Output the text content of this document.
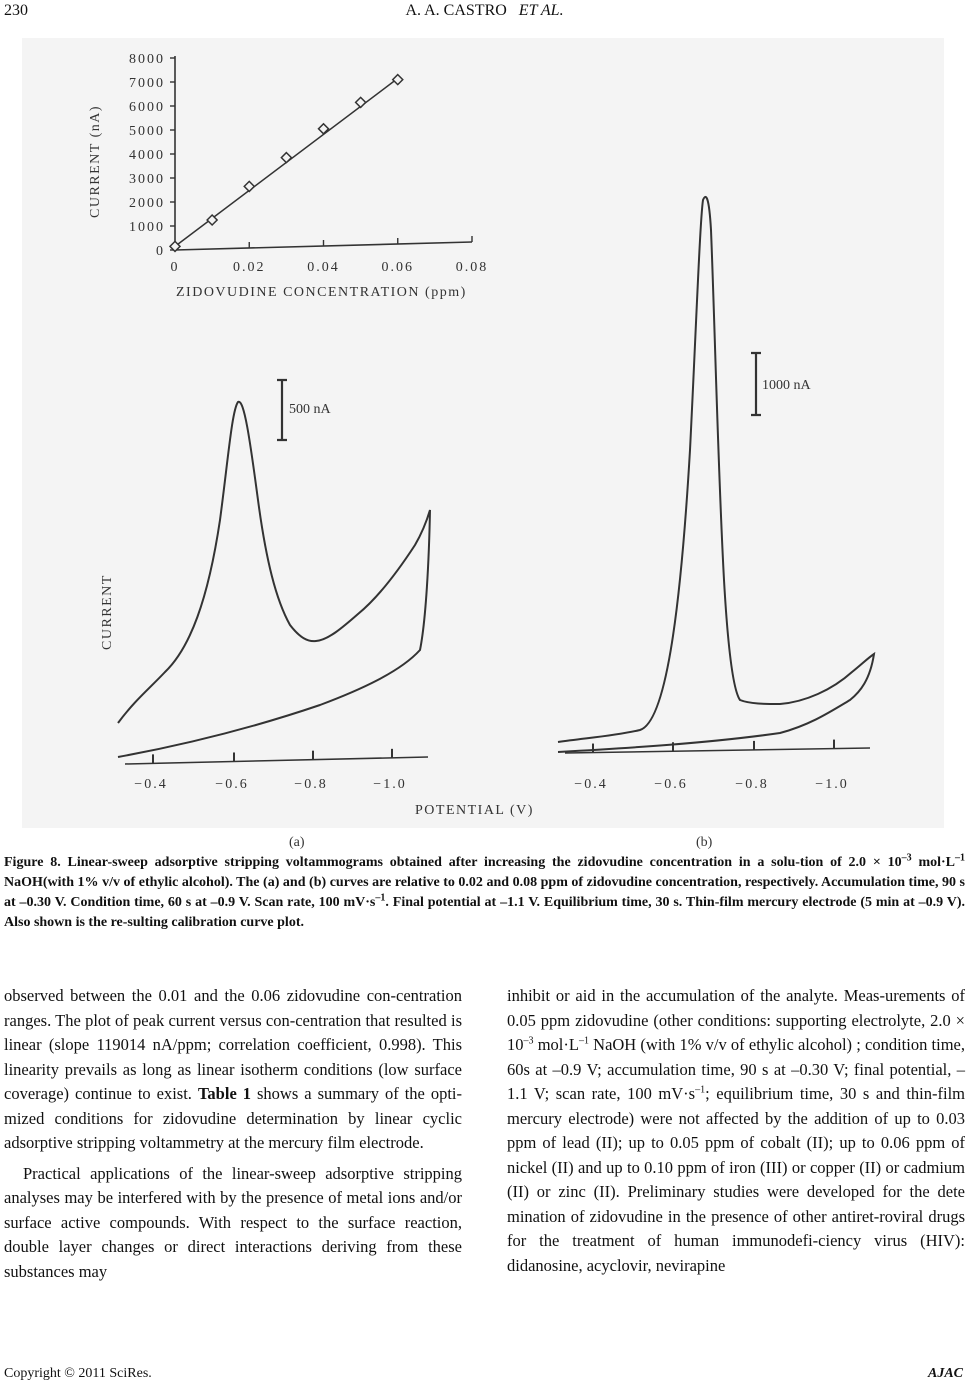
230	A. A. CASTRO ET AL.
0
1000
2000
3000
4000
5000
6000
7000
8000
0	0.02	0.04	0.06	0.08
CURRENT (nA)
ZIDOVUDINE CONCENTRATION (ppm)
500 nA
−0.4	−0.6	−0.8	−1.0
CURRENT
1000 nA
−0.4	−0.6	−0.8	−1.0
POTENTIAL (V)
(a)	(b)
Figure 8. Linear-sweep adsorptive stripping voltammograms obtained after increasing the zidovudine concentration in a solu-tion of $2.0 \times 10^{-3}$ $mol\cdot L^{-1}$ NaOH(with 1% v/v of ethylic alcohol). The (a) and (b) curves are relative to 0.02 and 0.08 ppm of zidovudine concentration, respectively. Accumulation time, 90 s at –0.30 V. Condition time, 60 s at –0.9 V. Scan rate, 100 $mV\cdot s^{-1}$. Final potential at –1.1 V. Equilibrium time, 30 s. Thin-film mercury electrode (5 min at –0.9 V). Also shown is the re-sulting calibration curve plot.

observed between the 0.01 and the 0.06 zidovudine con-centration ranges. The plot of peak current versus con-centration that resulted is linear (slope 119014 nA/ppm; correlation coefficient, 0.998). This linearity prevails as long as linear isotherm conditions (low surface coverage) continue to exist. Table 1 shows a summary of the opti-mized conditions for zidovudine determination by linear cyclic adsorptive stripping voltammetry at the mercury film electrode.

Practical applications of the linear-sweep adsorptive stripping analyses may be interfered with by the presence of metal ions and/or surface active compounds. With respect to the surface reaction, double layer changes or direct interactions deriving from these substances may

inhibit or aid in the accumulation of the analyte. Meas-urements of 0.05 ppm zidovudine (other conditions: supporting electrolyte, $2.0 \times 10^{-3}$ $mol\cdot L^{-1}$ NaOH (with 1% v/v of ethylic alcohol) ; condition time, 60s at –0.9 V; accumulation time, 90 s at –0.30 V; final potential, –1.1 V; scan rate, 100 $mV\cdot s^{-1}$; equilibrium time, 30 s and thin-film mercury electrode) were not affected by the addition of up to 0.03 ppm of lead (II); up to 0.05 ppm of cobalt (II); up to 0.06 ppm of nickel (II) and up to 0.10 ppm of iron (III) or copper (II) or cadmium (II) or zinc (II). Preliminary studies were developed for the dete mination of zidovudine in the presence of other antiret-roviral drugs for the treatment of human immunodefi-ciency virus (HIV): didanosine, acyclovir, nevirapine

Copyright © 2011 SciRes.	AJAC
